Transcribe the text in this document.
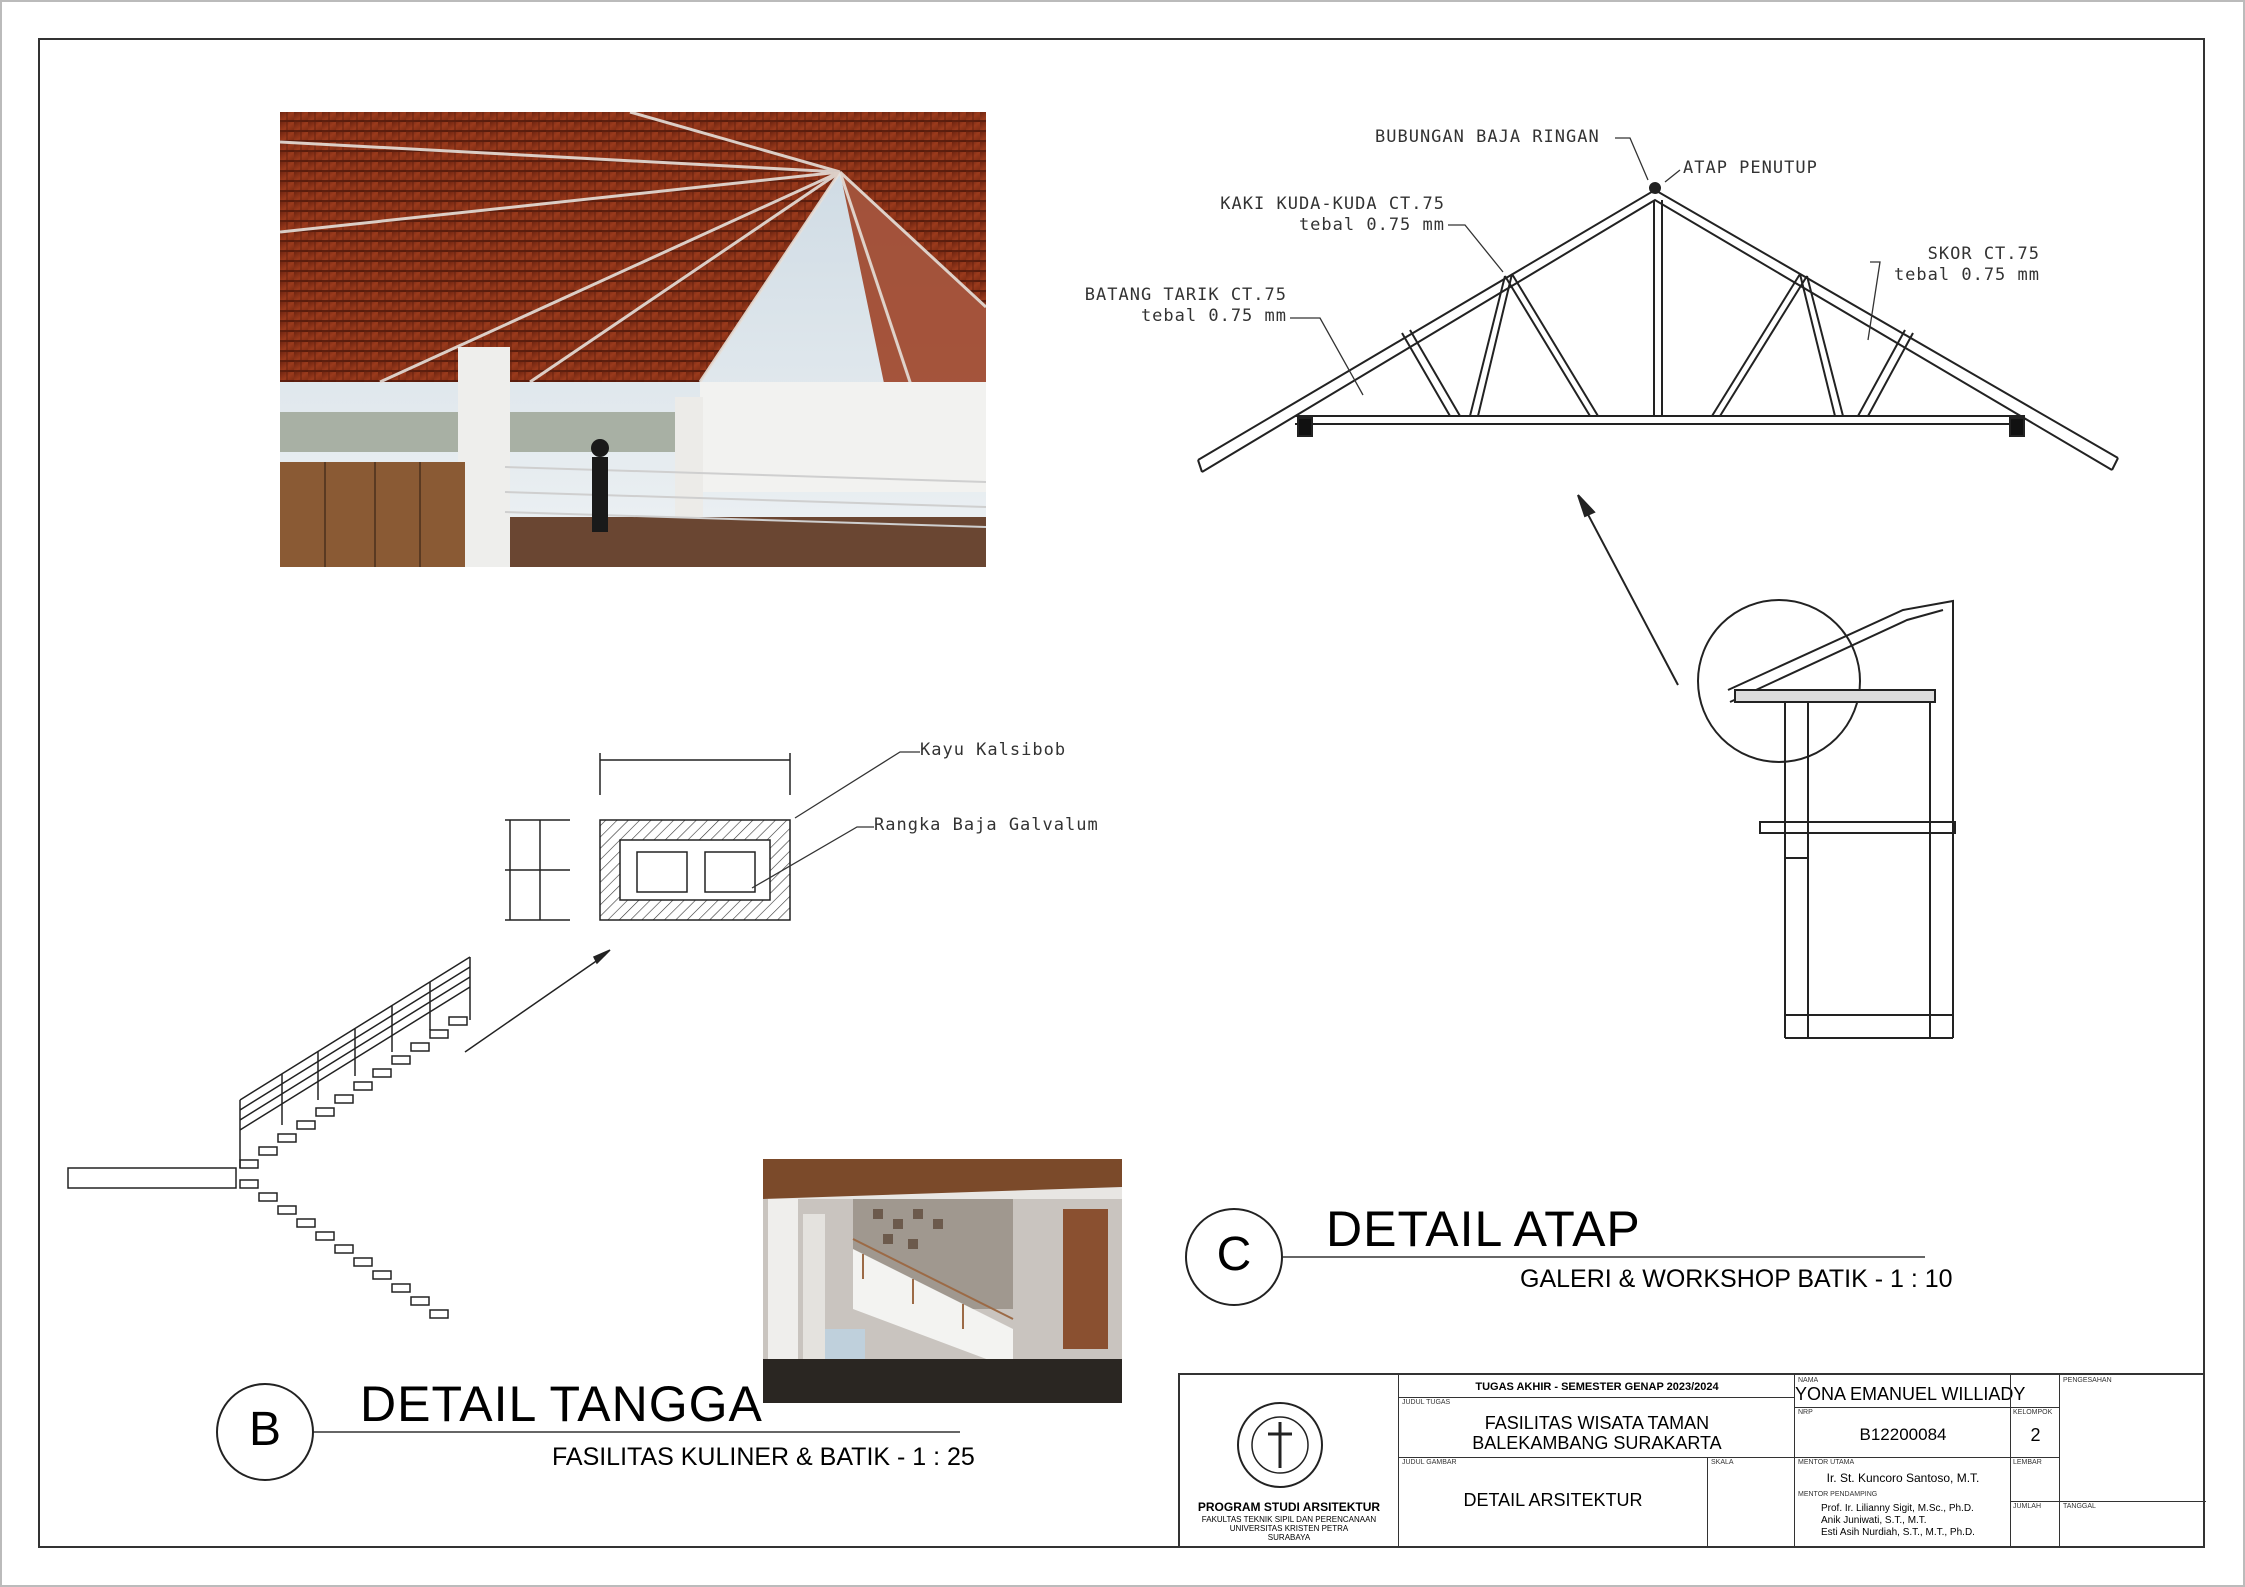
BUBUNGAN BAJA RINGAN
ATAP PENUTUP
KAKI KUDA-KUDA CT.75
tebal 0.75 mm
SKOR CT.75
tebal 0.75 mm
BATANG TARIK CT.75
tebal 0.75 mm
Kayu Kalsibob
Rangka Baja Galvalum
C	DETAIL ATAP
GALERI & WORKSHOP BATIK - 1 : 10
B	DETAIL TANGGA
FASILITAS KULINER & BATIK - 1 : 25
PROGRAM STUDI ARSITEKTUR
FAKULTAS TEKNIK SIPIL DAN PERENCANAAN
UNIVERSITAS KRISTEN PETRA
SURABAYA
TUGAS AKHIR - SEMESTER GENAP 2023/2024
JUDUL TUGAS
FASILITAS WISATA TAMAN
BALEKAMBANG SURAKARTA
JUDUL GAMBAR
DETAIL ARSITEKTUR
SKALA
NAMA
YONA EMANUEL WILLIADY
NRP
B12200084
MENTOR UTAMA
Ir. St. Kuncoro Santoso, M.T.
MENTOR PENDAMPING
Prof. Ir. Lilianny Sigit, M.Sc., Ph.D.
Anik Juniwati, S.T., M.T.
Esti Asih Nurdiah, S.T., M.T., Ph.D.
KELOMPOK
2
LEMBAR
JUMLAH
PENGESAHAN
TANGGAL
